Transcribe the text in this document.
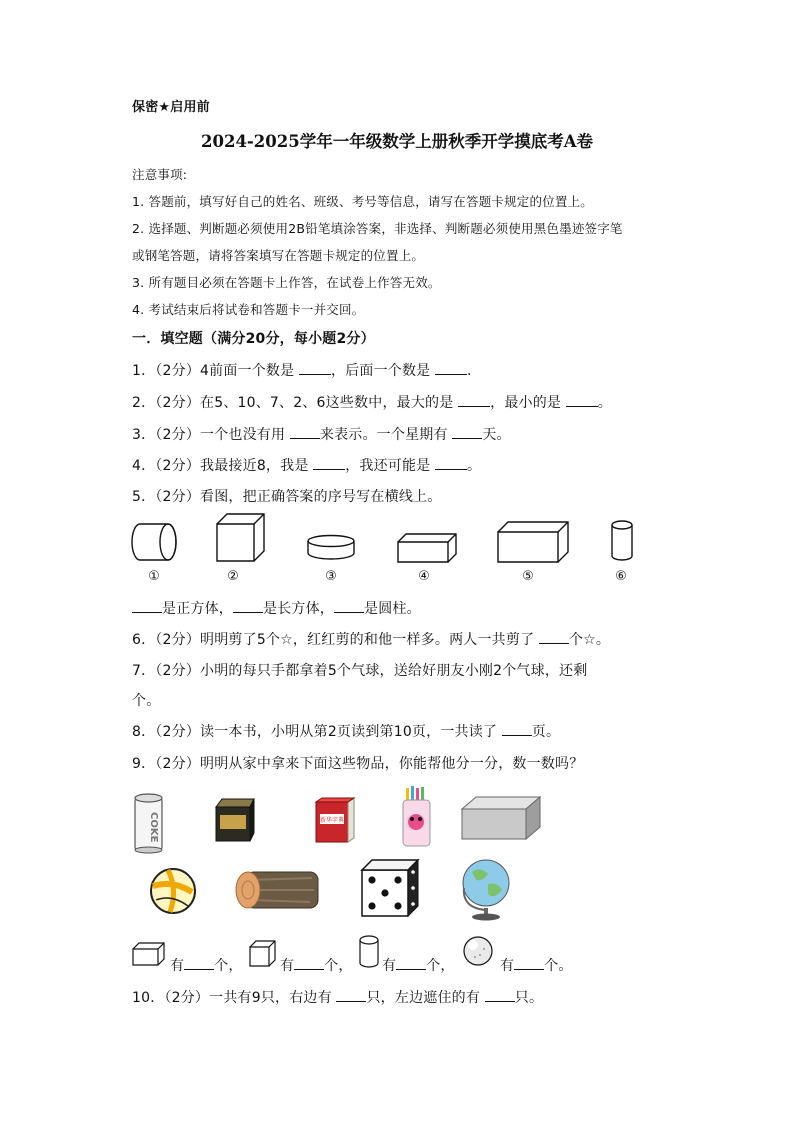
保密★启用前
2024-2025学年一年级数学上册秋季开学摸底考A卷
注意事项:
1. 答题前，填写好自己的姓名、班级、考号等信息，请写在答题卡规定的位置上。
2. 选择题、判断题必须使用2B铅笔填涂答案，非选择、判断题必须使用黑色墨迹签字笔
或钢笔答题，请将答案填写在答题卡规定的位置上。
3. 所有题目必须在答题卡上作答，在试卷上作答无效。
4. 考试结束后将试卷和答题卡一并交回。
一．填空题（满分20分，每小题2分）
1．（2分）4前面一个数是	，后面一个数是	.
2．（2分）在5、10、7、2、6这些数中，最大的是	，最小的是	。
3．（2分）一个也没有用 来表示。一个星期有 天。
4．（2分）我最接近8，我是	，我还可能是	。
5．（2分）看图，把正确答案的序号写在横线上。
①	②	③	④	⑤	⑥
是正方体， 是长方体， 是圆柱。
6．（2分）明明剪了5个☆，红红剪的和他一样多。两人一共剪了 个☆。
7．（2分）小明的每只手都拿着5个气球，送给好朋友小刚2个气球，还剩
个。
8．（2分）读一本书，小明从第2页读到第10页，一共读了 页。
9．（2分）明明从家中拿来下面这些物品，你能帮他分一分，数一数吗？
COKE	新华字典
有 个，	有 个， 有 个，	有 个。
10．（2分）一共有9只，右边有 只，左边遮住的有 只。
